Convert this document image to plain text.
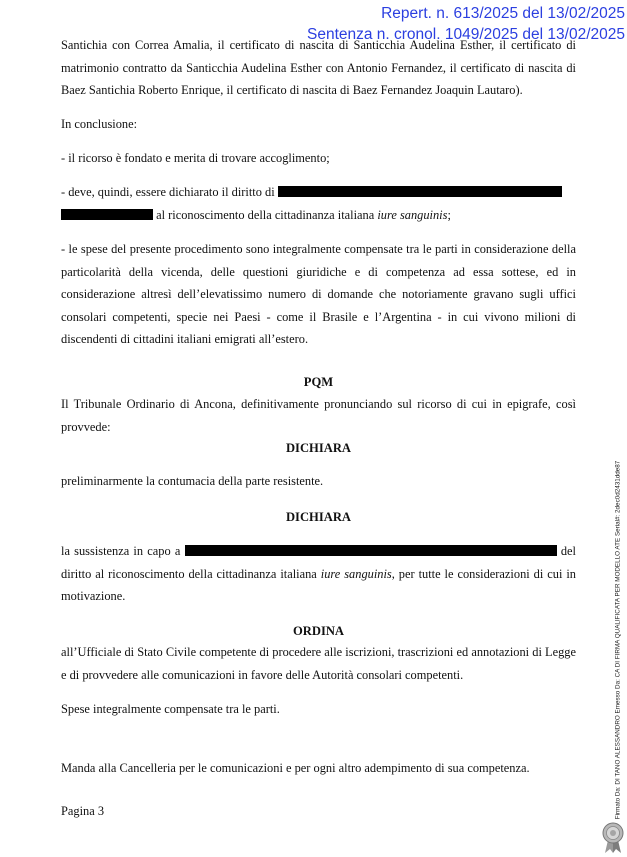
Repert. n. 613/2025 del 13/02/2025
Sentenza n. cronol. 1049/2025 del 13/02/2025
Santichia con Correa Amalia, il certificato di nascita di Santicchia Audelina Esther, il certificato di matrimonio contratto da Santicchia Audelina Esther con Antonio Fernandez, il certificato di nascita di Baez Santichia Roberto Enrique, il certificato di nascita di Baez Fernandez Joaquin Lautaro).
In conclusione:
- il ricorso è fondato e merita di trovare accoglimento;
- deve, quindi, essere dichiarato il diritto di
al riconoscimento della cittadinanza italiana iure sanguinis;
- le spese del presente procedimento sono integralmente compensate tra le parti in considerazione della particolarità della vicenda, delle questioni giuridiche e di competenza ad essa sottese, ed in considerazione altresì dell’elevatissimo numero di domande che notoriamente gravano sugli uffici consolari competenti, specie nei Paesi - come il Brasile e l’Argentina - in cui vivono milioni di discendenti di cittadini italiani emigrati all’estero.
PQM
Il Tribunale Ordinario di Ancona, definitivamente pronunciando sul ricorso di cui in epigrafe, così provvede:
DICHIARA
preliminarmente la contumacia della parte resistente.
DICHIARA
la sussistenza in capo a	del diritto al riconoscimento della cittadinanza italiana iure sanguinis, per tutte le considerazioni di cui in motivazione.
ORDINA
all’Ufficiale di Stato Civile competente di procedere alle iscrizioni, trascrizioni ed annotazioni di Legge e di provvedere alle comunicazioni in favore delle Autorità consolari competenti.
Spese integralmente compensate tra le parti.
Manda alla Cancelleria per le comunicazioni e per ogni altro adempimento di sua competenza.
Pagina 3	Firmato Da: DI TANO ALESSANDRO Emesso Da: CA DI FIRMA QUALIFICATA PER MODELLO ATE Serial#: 2dec0d2431dde87
